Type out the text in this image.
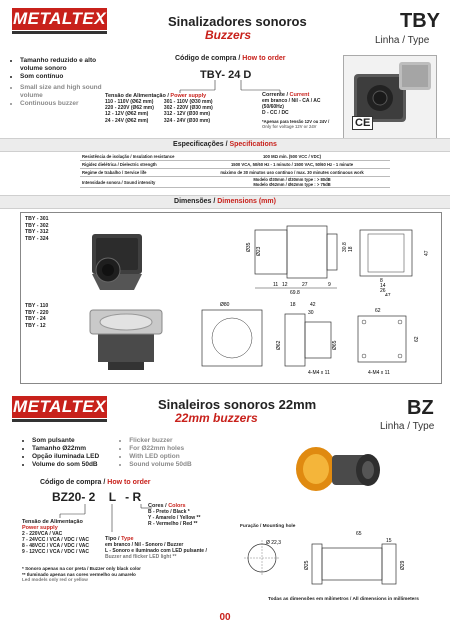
METALTEX	Sinalizadores sonoros
Buzzers
TBY
Linha / Type
• Tamanho reduzido e alto volume sonoro
• Som contínuo
• Small size and high sound volume
• Continuous buzzer
Código de compra / How to order
TBY- 24 D
Tensão de Alimentação / Power supply
110 - 110V (Ø62 mm)
220 - 220V (Ø62 mm)
12 - 12V (Ø62 mm)
24 - 24V (Ø62 mm)
301 - 110V (Ø30 mm)
302 - 220V (Ø30 mm)
312 - 12V (Ø30 mm)
324 - 24V (Ø30 mm)
Corrente / Current
em branco / Nil - CA / AC (50/60Hz)
D - CC / DC
*Apenas para tensão 12V ou 24V /
Only for voltage 12V or 24V	CE
Especificações / Specifications
Resistência de isolação / Insulation resistance	100 MΩ mín. (500 VCC / VDC)
Rigidez dielétrica / Dielectric strength	1500 VCA, 50/60 Hz - 1 minuto / 1500 VAC, 50/60 Hz - 1 minute
Regime de trabalho / Service life	máximo de 30 minutos uso contínuo / max. 30 minutes continuous work
Intensidade sonora / Sound intensity	Modelo Ø30mm / Ø30mm type : > 80dB
Modelo Ø62mm / Ø62mm type : > 75dB
Dimensões / Dimensions (mm)
TBY - 301
TBY - 302
TBY - 312
TBY - 324
TBY - 110
TBY - 220
TBY - 24
TBY - 12
Ø35 Ø23	30.8 18
11 12	27	9
69.8
8
14
26
47
47
Ø80	18	42
30
Ø62	Ø65
62
62
4-M4 x 11	4-M4 x 11
METALTEX	Sinaleiros sonoros 22mm
22mm buzzers	BZ
Linha / Type
• Som pulsante
• Tamanho Ø22mm
• Opção iluminada LED
• Volume do som 50dB
• Flicker buzzer
• For Ø22mm holes
• With LED option
• Sound volume 50dB
Código de compra / How to order
BZ20- 2 L - R
Cores / Colors
B - Preto / Black *
Y - Amarelo / Yellow **
R - Vermelho / Red **
Tensão de Alimentação
Power supply
2 - 220VCA / VAC
7 - 24VCC / VCA / VDC / VAC
8 - 48VCC / VCA / VDC / VAC
9 - 12VCC / VCA / VDC / VAC
Tipo / Type
em branco / Nil - Sonoro / Buzzer
L - Sonoro e iluminado com LED pulsante /
Buzzer and flicker LED light **
* Sonoro apenas na cor preta / Buzzer only black color
** Iluminado apenas nas cores vermelho ou amarelo
Led models only red or yellow
Furação / Mounting hole
Ø 22,3
65
15
Ø25	Ø29
Todas as dimensões em milímetros / All dimensions in millimeters
00
